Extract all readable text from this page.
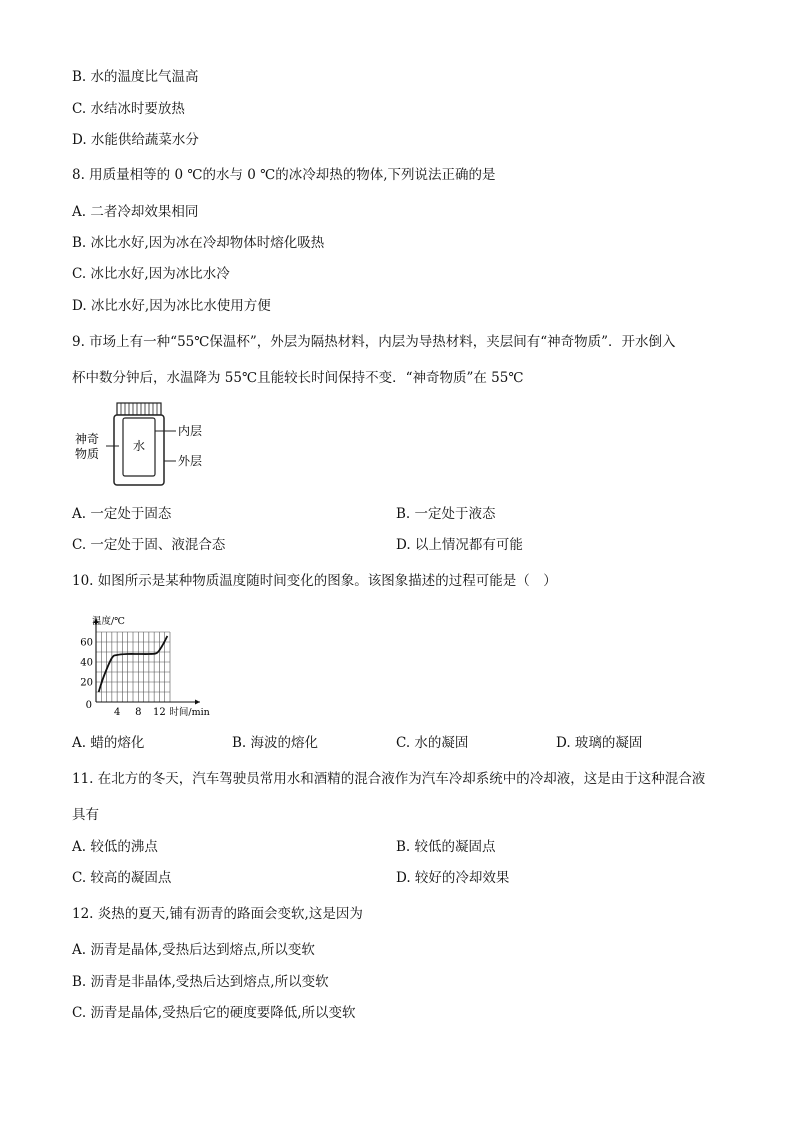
B. 水的温度比气温高
C. 水结冰时要放热
D. 水能供给蔬菜水分
8. 用质量相等的 0 ℃的水与 0 ℃的冰冷却热的物体,下列说法正确的是
A. 二者冷却效果相同
B. 冰比水好,因为冰在冷却物体时熔化吸热
C. 冰比水好,因为冰比水冷
D. 冰比水好,因为冰比水使用方便
9. 市场上有一种“55℃保温杯”，外层为隔热材料，内层为导热材料，夹层间有“神奇物质”．开水倒入
杯中数分钟后，水温降为 55℃且能较长时间保持不变．“神奇物质”在 55℃
水
神奇
物质
内层
外层
A. 一定处于固态	B. 一定处于液态
C. 一定处于固、液混合态	D. 以上情况都有可能
10. 如图所示是某种物质温度随时间变化的图象。该图象描述的过程可能是（　）
20
40
60
0
4 8 12
温度/℃
时间/min
A. 蜡的熔化	B. 海波的熔化	C. 水的凝固	D. 玻璃的凝固
11. 在北方的冬天，汽车驾驶员常用水和酒精的混合液作为汽车冷却系统中的冷却液，这是由于这种混合液
具有
A. 较低的沸点	B. 较低的凝固点
C. 较高的凝固点	D. 较好的冷却效果
12. 炎热的夏天,铺有沥青的路面会变软,这是因为
A. 沥青是晶体,受热后达到熔点,所以变软
B. 沥青是非晶体,受热后达到熔点,所以变软
C. 沥青是晶体,受热后它的硬度要降低,所以变软
